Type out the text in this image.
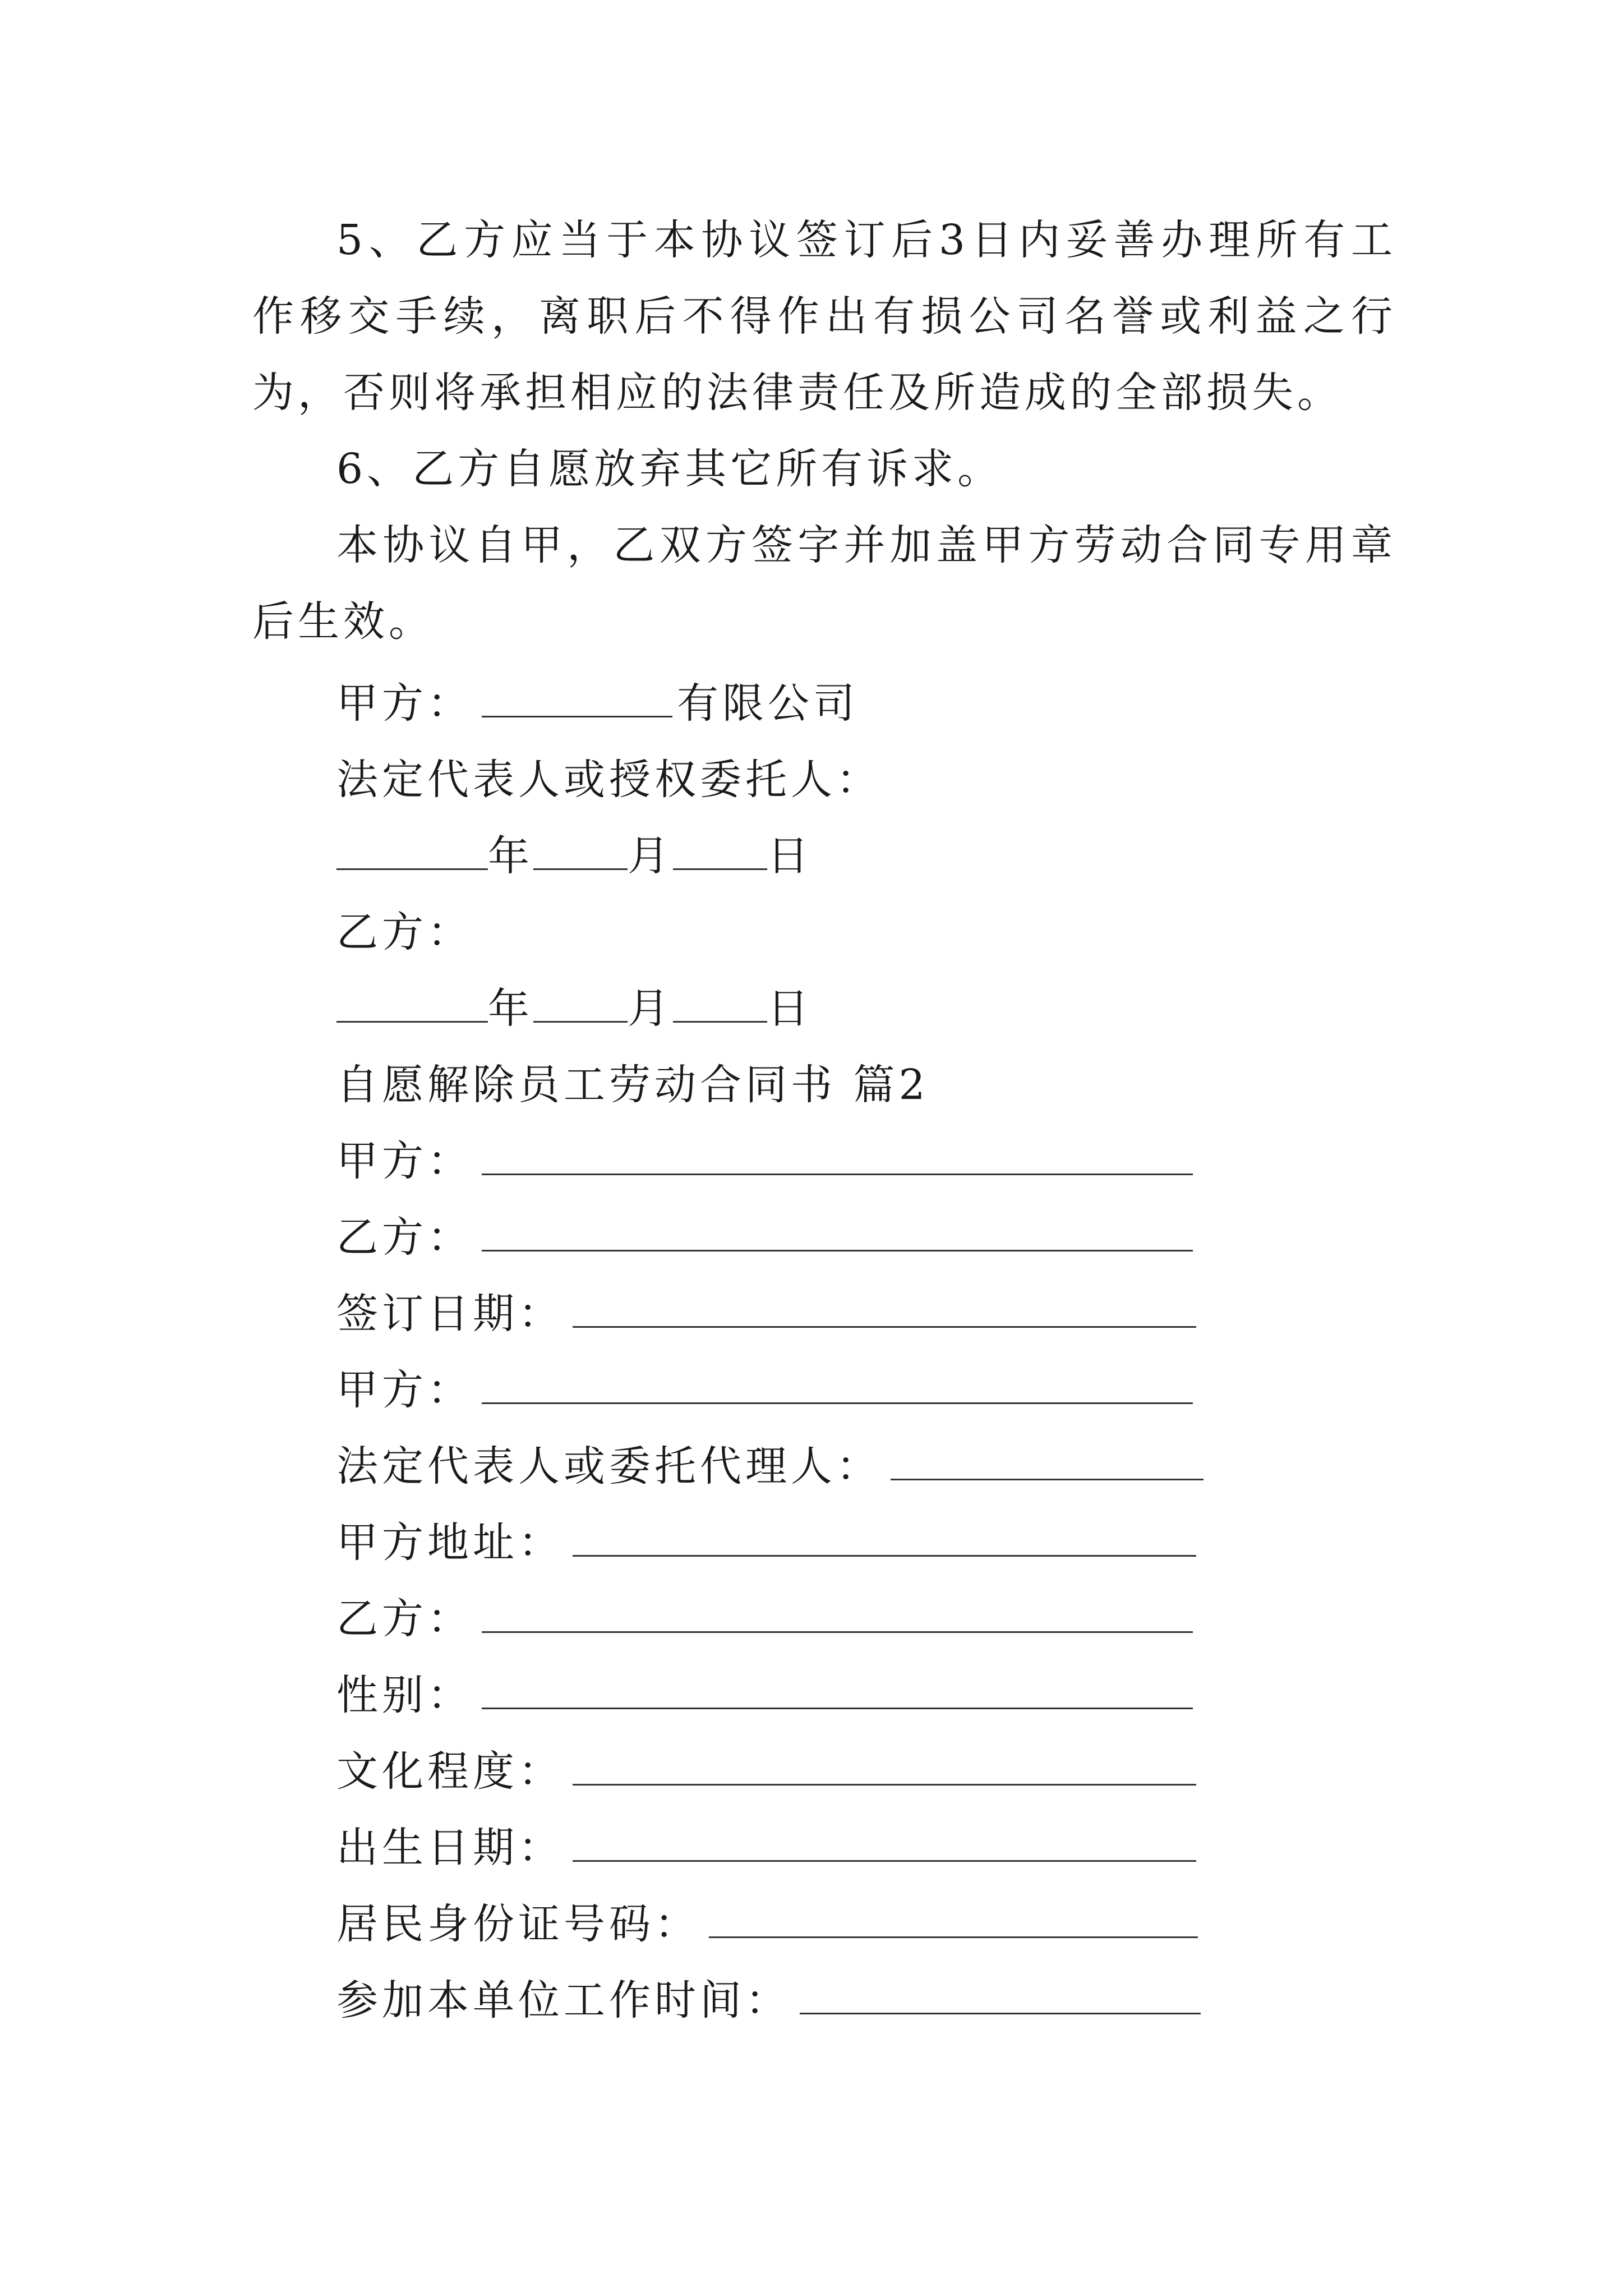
5、乙方应当于本协议签订后3日内妥善办理所有工作移交手续，离职后不得作出有损公司名誉或利益之行为，否则将承担相应的法律责任及所造成的全部损失。

6、乙方自愿放弃其它所有诉求。

本协议自甲，乙双方签字并加盖甲方劳动合同专用章后生效。

甲方：	有限公司
法定代表人或授权委托人：
年 月 日
乙方：
年 月 日
自愿解除员工劳动合同书 篇2
甲方：
乙方：
签订日期：
甲方：
法定代表人或委托代理人：
甲方地址：
乙方：
性别：
文化程度：
出生日期：
居民身份证号码：
参加本单位工作时间：
